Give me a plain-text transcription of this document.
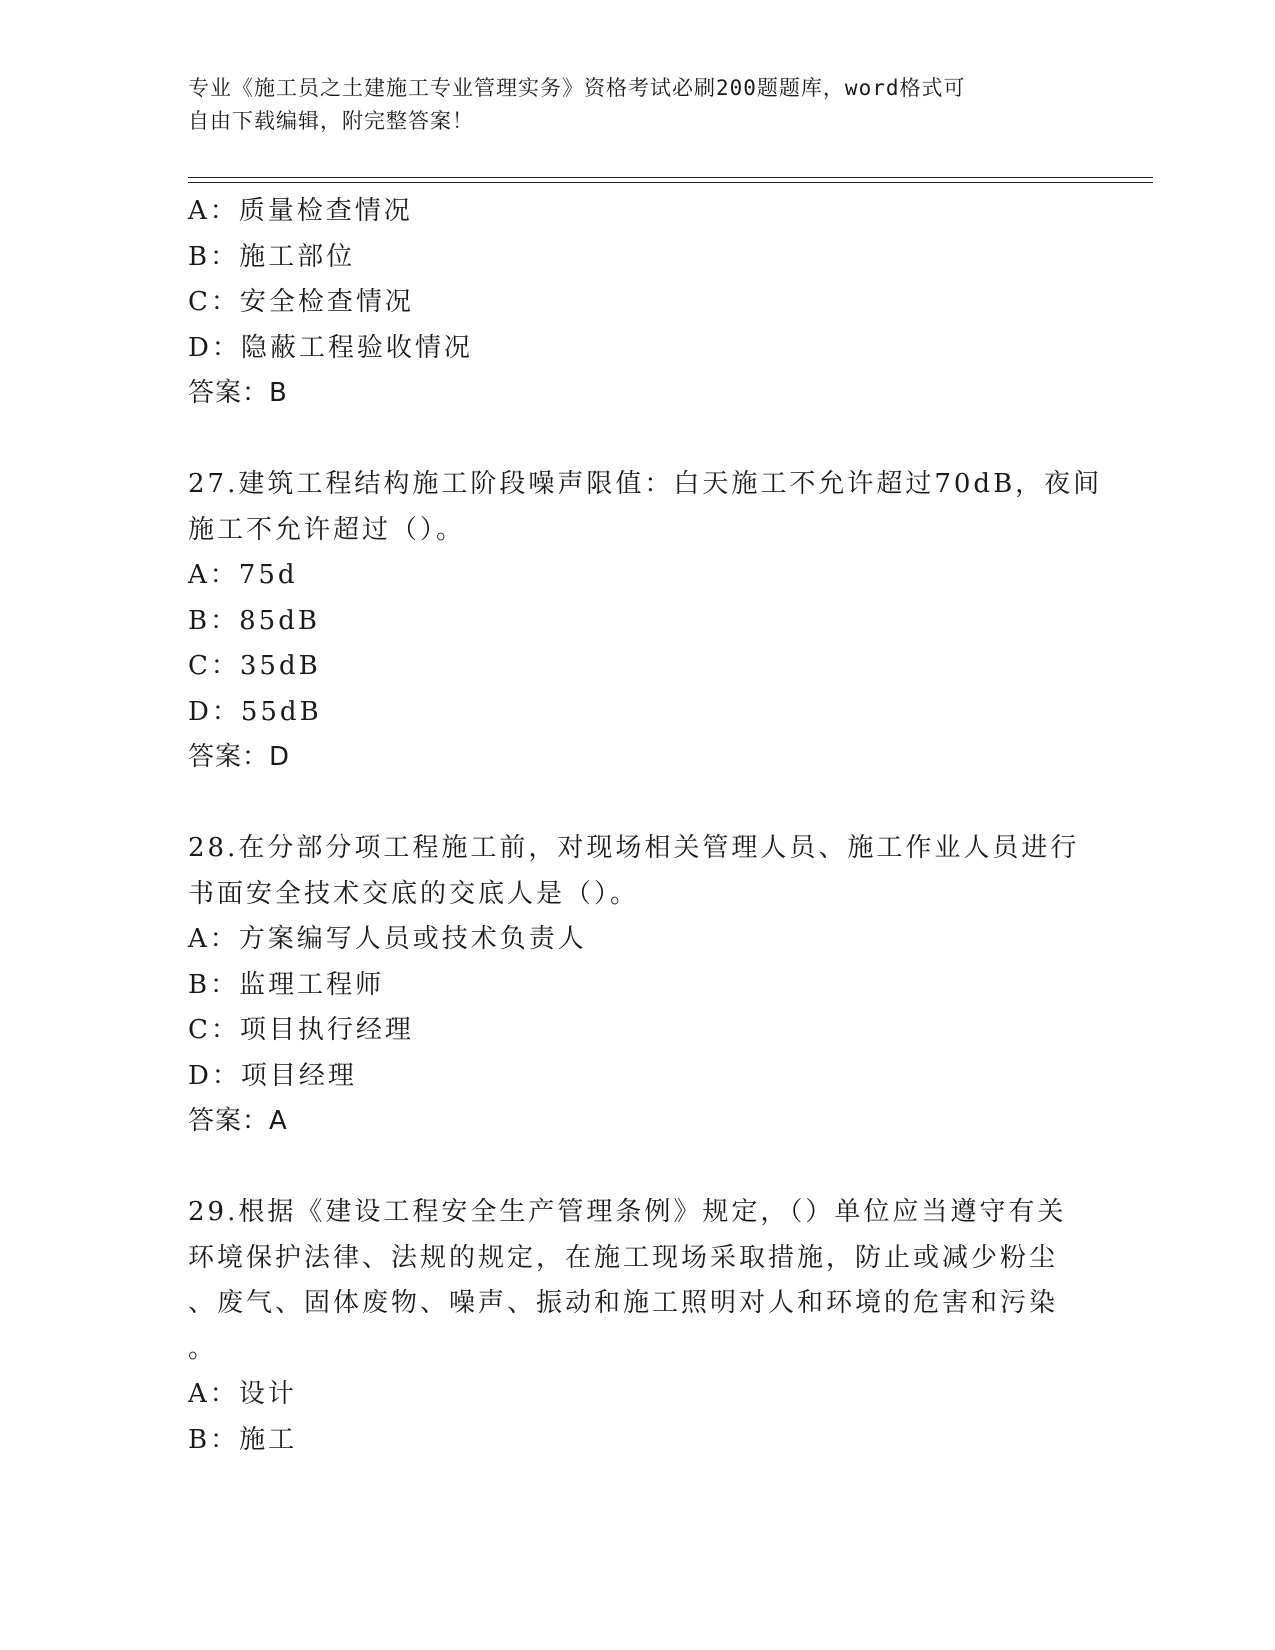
专业《施工员之土建施工专业管理实务》资格考试必刷200题题库，word格式可
自由下载编辑，附完整答案！
A：质量检查情况
B：施工部位
C：安全检查情况
D：隐蔽工程验收情况
答案：B
27.建筑工程结构施工阶段噪声限值：白天施工不允许超过70dB，夜间
施工不允许超过（）。
A：75d
B：85dB
C：35dB
D：55dB
答案：D
28.在分部分项工程施工前，对现场相关管理人员、施工作业人员进行
书面安全技术交底的交底人是（）。
A：方案编写人员或技术负责人
B：监理工程师
C：项目执行经理
D：项目经理
答案：A
29.根据《建设工程安全生产管理条例》规定，（）单位应当遵守有关
环境保护法律、法规的规定，在施工现场采取措施，防止或减少粉尘
、废气、固体废物、噪声、振动和施工照明对人和环境的危害和污染
。
A：设计
B：施工
